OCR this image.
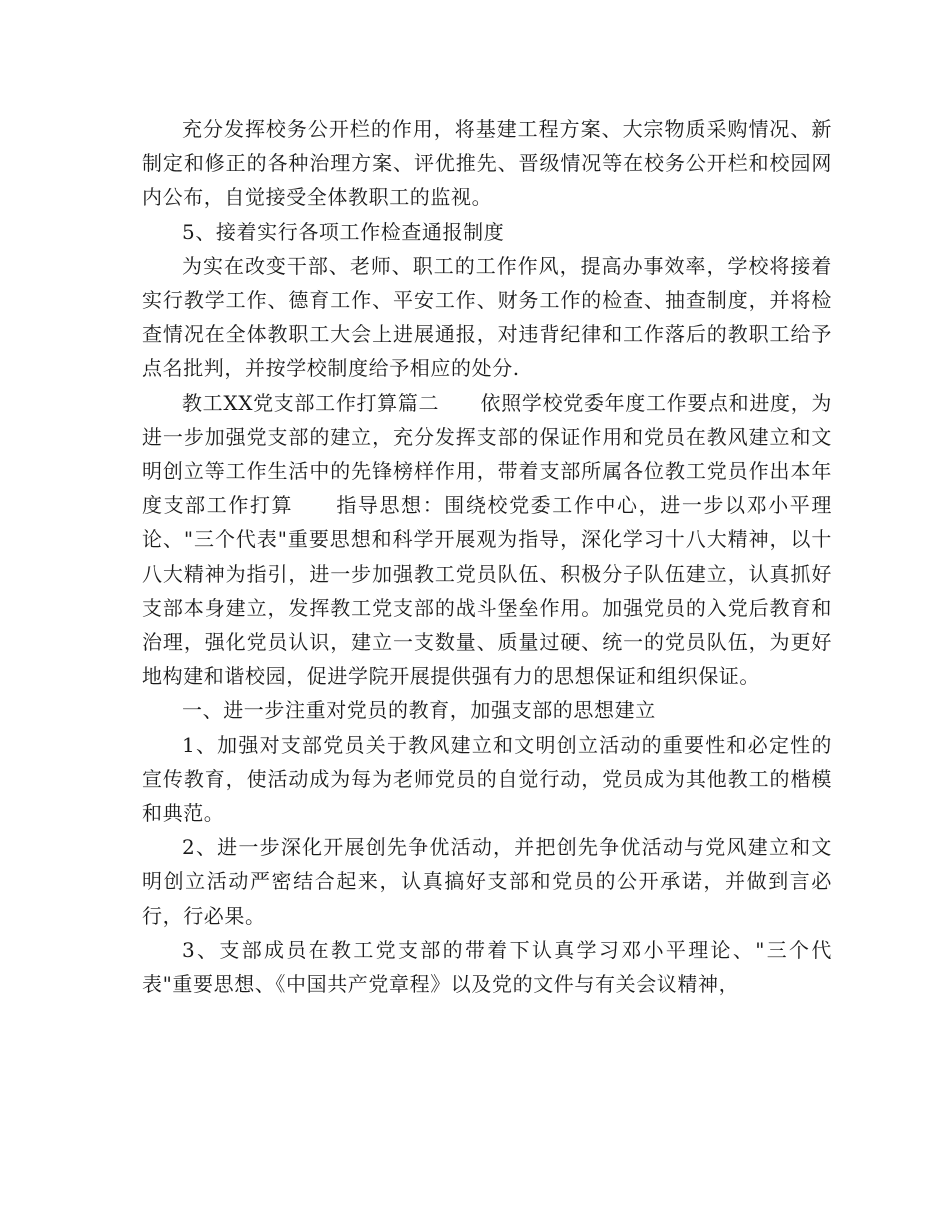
充分发挥校务公开栏的作用，将基建工程方案、大宗物质采购情况、新制定和修正的各种治理方案、评优推先、晋级情况等在校务公开栏和校园网内公布，自觉接受全体教职工的监视。

5、接着实行各项工作检查通报制度

为实在改变干部、老师、职工的工作作风，提高办事效率，学校将接着实行教学工作、德育工作、平安工作、财务工作的检查、抽查制度，并将检查情况在全体教职工大会上进展通报，对违背纪律和工作落后的教职工给予点名批判，并按学校制度给予相应的处分.

教工XX党支部工作打算篇二　　依照学校党委年度工作要点和进度，为进一步加强党支部的建立，充分发挥支部的保证作用和党员在教风建立和文明创立等工作生活中的先锋榜样作用，带着支部所属各位教工党员作出本年度支部工作打算　　指导思想：围绕校党委工作中心，进一步以邓小平理论、"三个代表"重要思想和科学开展观为指导，深化学习十八大精神，以十八大精神为指引，进一步加强教工党员队伍、积极分子队伍建立，认真抓好支部本身建立，发挥教工党支部的战斗堡垒作用。加强党员的入党后教育和治理，强化党员认识，建立一支数量、质量过硬、统一的党员队伍，为更好地构建和谐校园，促进学院开展提供强有力的思想保证和组织保证。

一、进一步注重对党员的教育，加强支部的思想建立

1、加强对支部党员关于教风建立和文明创立活动的重要性和必定性的宣传教育，使活动成为每为老师党员的自觉行动，党员成为其他教工的楷模和典范。

2、进一步深化开展创先争优活动，并把创先争优活动与党风建立和文明创立活动严密结合起来，认真搞好支部和党员的公开承诺，并做到言必行，行必果。

3、支部成员在教工党支部的带着下认真学习邓小平理论、"三个代表"重要思想、《中国共产党章程》以及党的文件与有关会议精神，
